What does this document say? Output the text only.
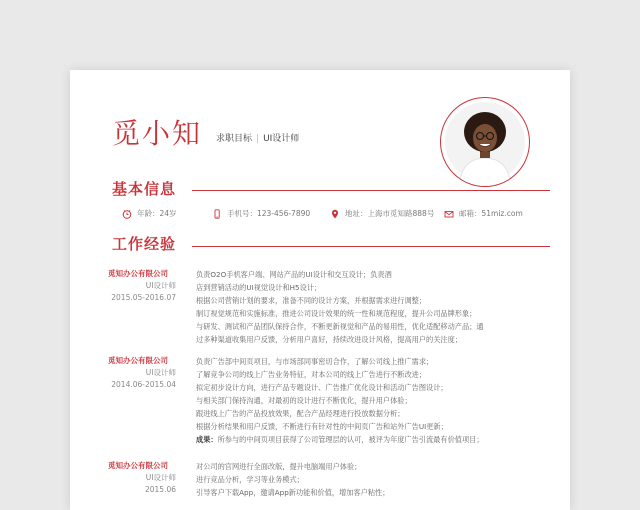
觅小知 求职目标 | UI设计师
基本信息
年龄：24岁	手机号：123-456-7890	地址：上海市觅知路888号	邮箱：51miz.com
工作经验
觅知办公有限公司
UI设计师
2015.05-2016.07
负责O2O手机客户端、网站产品的UI设计和交互设计；负责酒
店到营销活动的UI视觉设计和H5设计；
根据公司营销计划的要求，准备不同的设计方案，并根据需求进行调整；
制订视觉规范和实施标准，推进公司设计效果的统一性和规范程度，提升公司品牌形象；
与研发、测试和产品团队保持合作，不断更新视觉和产品的易用性，优化适配移动产品；通
过多种渠道收集用户反馈，分析用户喜好，持续改进设计风格，提高用户的关注度；
觅知办公有限公司
UI设计师
2014.06-2015.04
负责广告部中间页项目，与市场部同事密切合作，了解公司线上推广需求；
了解竞争公司的线上广告业务特征，对本公司的线上广告进行不断改进；
拟定初步设计方向，进行产品专题设计、广告推广优化设计和活动广告图设计；
与相关部门保持沟通，对最初的设计进行不断优化，提升用户体验；
跟进线上广告的产品投放效果，配合产品经理进行投放数据分析；
根据分析结果和用户反馈，不断进行有针对性的中间页广告和站外广告UI更新；
成果：所参与的中间页项目获得了公司管理层的认可，被评为年度广告引流最有价值项目；
觅知办公有限公司
UI设计师
2015.06
对公司的官网进行全面改版，提升电脑端用户体验；
进行竞品分析，学习等业务模式；
引导客户下载App，邀请App新功能和价值，增加客户粘性；
